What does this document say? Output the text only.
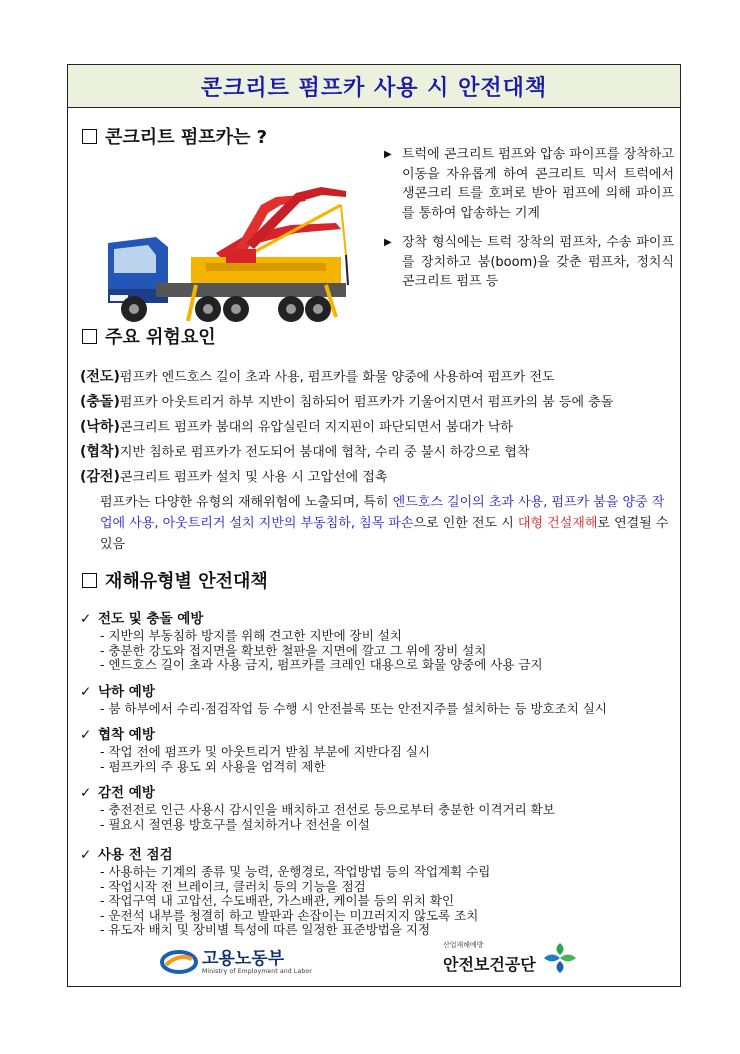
콘크리트 펌프카 사용 시 안전대책
콘크리트 펌프카는 ?
▶ 트럭에 콘크리트 펌프와 압송 파이프를 장착하고 이동을 자유롭게 하여 콘크리트 믹서 트럭에서 생콘크리 트를 호퍼로 받아 펌프에 의해 파이프를 통하여 압송하는 기계
▶ 장착 형식에는 트럭 장착의 펌프차, 수송 파이프를 장치하고 붐(boom)을 갖춘 펌프차, 정치식 콘크리트 펌프 등
주요 위험요인
(전도)펌프카 엔드호스 길이 초과 사용, 펌프카를 화물 양중에 사용하여 펌프카 전도
(충돌)펌프카 아웃트리거 하부 지반이 침하되어 펌프카가 기울어지면서 펌프카의 붐 등에 충돌
(낙하)콘크리트 펌프카 붐대의 유압실린더 지지핀이 파단되면서 붐대가 낙하
(협착)지반 침하로 펌프카가 전도되어 붐대에 협착, 수리 중 불시 하강으로 협착
(감전)콘크리트 펌프카 설치 및 사용 시 고압선에 접촉
펌프카는 다양한 유형의 재해위험에 노출되며, 특히 엔드호스 길이의 초과 사용, 펌프카 붐을 양중 작업에 사용, 아웃트리거 설치 지반의 부동침하, 침목 파손으로 인한 전도 시 대형 건설재해로 연결될 수 있음
재해유형별 안전대책
✓ 전도 및 충돌 예방
- 지반의 부동침하 방지를 위해 견고한 지반에 장비 설치
- 충분한 강도와 접지면을 확보한 철판을 지면에 깔고 그 위에 장비 설치
- 엔드호스 길이 초과 사용 금지, 펌프카를 크레인 대용으로 화물 양중에 사용 금지
✓ 낙하 예방
- 붐 하부에서 수리·점검작업 등 수행 시 안전블록 또는 안전지주를 설치하는 등 방호조치 실시
✓ 협착 예방
- 작업 전에 펌프카 및 아웃트리거 받침 부분에 지반다짐 실시
- 펌프카의 주 용도 외 사용을 엄격히 제한
✓ 감전 예방
- 충전전로 인근 사용시 감시인을 배치하고 전선로 등으로부터 충분한 이격거리 확보
- 필요시 절연용 방호구를 설치하거나 전선을 이설
✓ 사용 전 점검
- 사용하는 기계의 종류 및 능력, 운행경로, 작업방법 등의 작업계획 수립
- 작업시작 전 브레이크, 클러치 등의 기능을 점검
- 작업구역 내 고압선, 수도배관, 가스배관, 케이블 등의 위치 확인
- 운전석 내부를 청결히 하고 발판과 손잡이는 미끄러지지 않도록 조치
- 유도자 배치 및 장비별 특성에 따른 일정한 표준방법을 지정
고용노동부
Ministry of Employment and Labor
산업재해예방
안전보건공단
